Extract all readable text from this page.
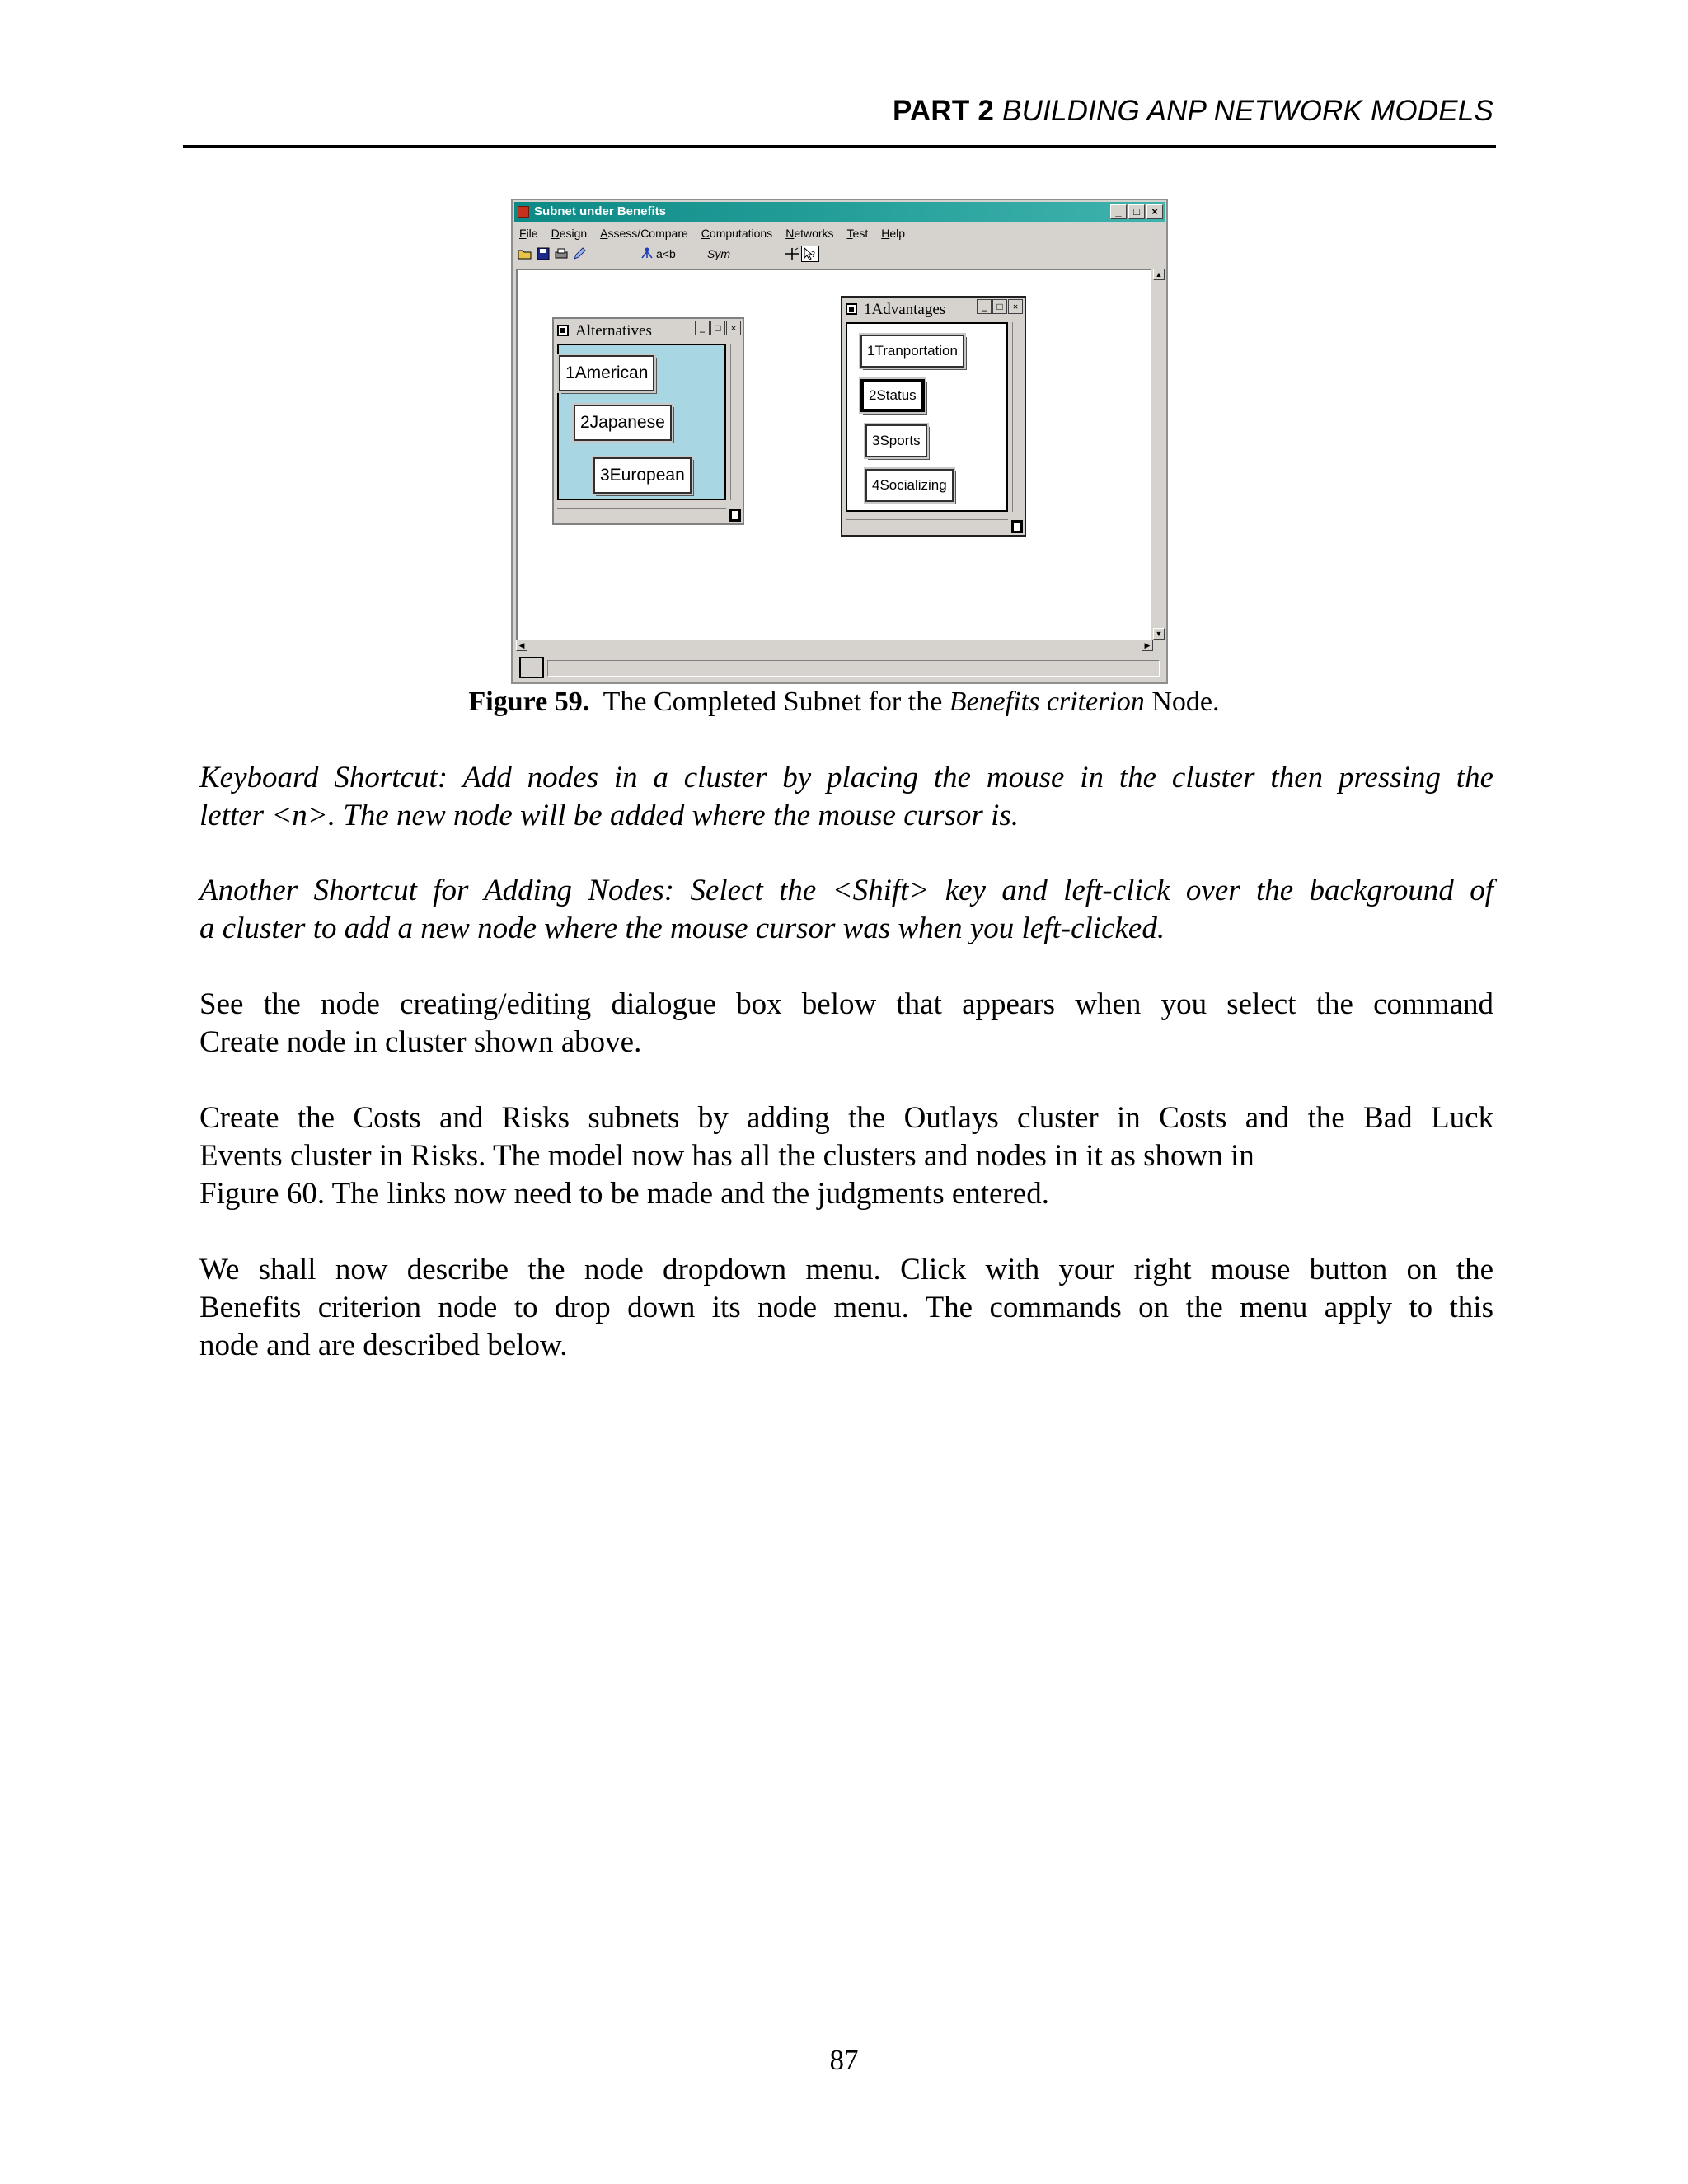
PART 2 BUILDING ANP NETWORK MODELS
Subnet under Benefits	_	□	×
File Design Assess/Compare Computations Networks Test Help
a<b	Sym	?
▲
▼
◀	▶
Alternatives	_	□ ×
1American
2Japanese
3European
1Advantages	_	□ ×
1Tranportation
2Status
3Sports
4Socializing
Figure 59. The Completed Subnet for the Benefits criterion Node.

Keyboard Shortcut: Add nodes in a cluster by placing the mouse in the cluster then pressing the
letter <n>. The new node will be added where the mouse cursor is.

Another Shortcut for Adding Nodes: Select the <Shift> key and left-click over the background of
a cluster to add a new node where the mouse cursor was when you left-clicked.

See the node creating/editing dialogue box below that appears when you select the command
Create node in cluster shown above.

Create the Costs and Risks subnets by adding the Outlays cluster in Costs and the Bad Luck
Events cluster in Risks. The model now has all the clusters and nodes in it as shown in
Figure 60. The links now need to be made and the judgments entered.

We shall now describe the node dropdown menu. Click with your right mouse button on the
Benefits criterion node to drop down its node menu. The commands on the menu apply to this
node and are described below.

87
